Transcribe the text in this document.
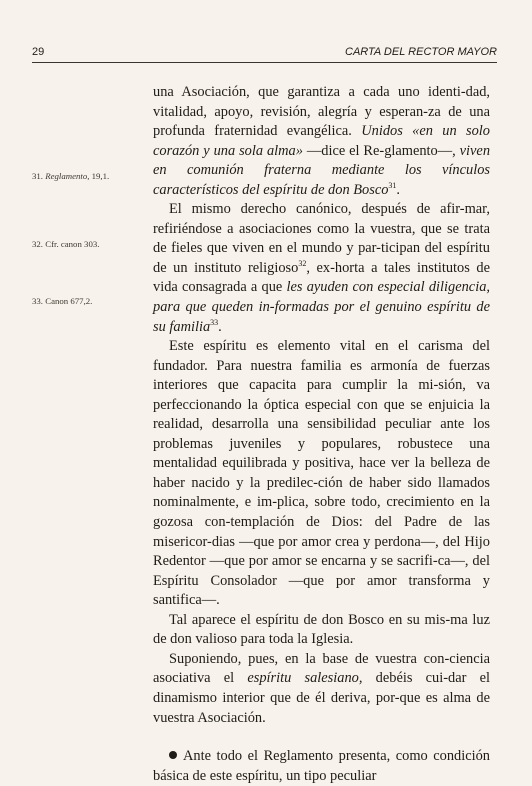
29	CARTA DEL RECTOR MAYOR
31. Reglamento, 19,1.
32. Cfr. canon 303.
33. Canon 677,2.

una Asociación, que garantiza a cada uno identi-dad, vitalidad, apoyo, revisión, alegría y esperan-za de una profunda fraternidad evangélica. Unidos «en un solo corazón y una sola alma» —dice el Re-glamento—, viven en comunión fraterna mediante los vínculos característicos del espíritu de don Bosco$^{31}$.

El mismo derecho canónico, después de afir-mar, refiriéndose a asociaciones como la vuestra, que se trata de fieles que viven en el mundo y par-ticipan del espíritu de un instituto religioso$^{32}$, ex-horta a tales institutos de vida consagrada a que les ayuden con especial diligencia, para que queden in-formadas por el genuino espíritu de su familia$^{33}$.

Este espíritu es elemento vital en el carisma del fundador. Para nuestra familia es armonía de fuerzas interiores que capacita para cumplir la mi-sión, va perfeccionando la óptica especial con que se enjuicia la realidad, desarrolla una sensibilidad peculiar ante los problemas juveniles y populares, robustece una mentalidad equilibrada y positiva, hace ver la belleza de haber nacido y la predilec-ción de haber sido llamados nominalmente, e im-plica, sobre todo, crecimiento en la gozosa con-templación de Dios: del Padre de las misericor-dias —que por amor crea y perdona—, del Hijo Redentor —que por amor se encarna y se sacrifi-ca—, del Espíritu Consolador —que por amor transforma y santifica—.

Tal aparece el espíritu de don Bosco en su mis-ma luz de don valioso para toda la Iglesia.

Suponiendo, pues, en la base de vuestra con-ciencia asociativa el espíritu salesiano, debéis cui-dar el dinamismo interior que de él deriva, por-que es alma de vuestra Asociación.

Ante todo el Reglamento presenta, como condición básica de este espíritu, un tipo peculiar
